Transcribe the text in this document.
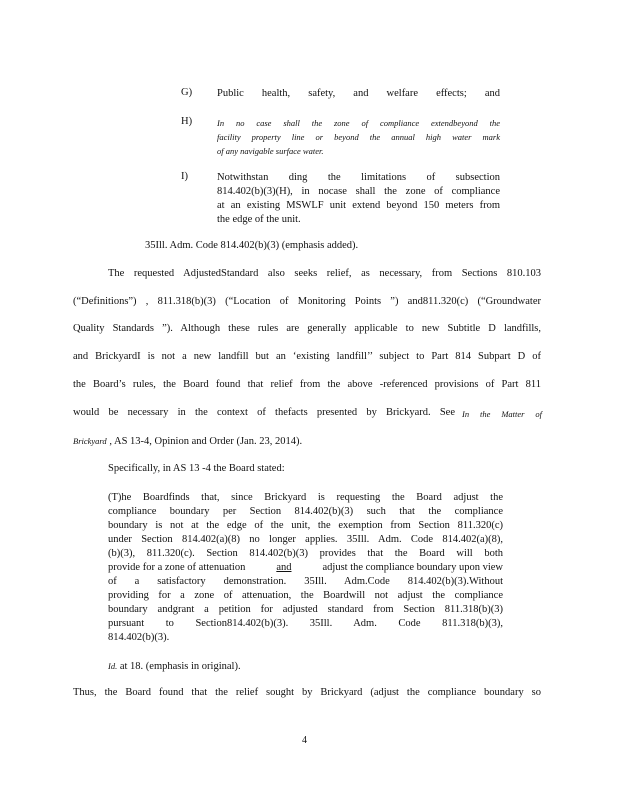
G) Public health, safety, and welfare effects; and
H)	In no case shall the zone of compliance extendbeyond the
facility property line or beyond the annual high water mark
of any navigable surface water.
I)	Notwithstan ding the limitations of subsection
814.402(b)(3)(H), in nocase shall the zone of compliance
at an existing MSWLF unit extend beyond 150 meters from
the edge of the unit.
35Ill. Adm. Code 814.402(b)(3) (emphasis added).
The requested AdjustedStandard also seeks relief, as necessary, from Sections 810.103
(“Definitions”) , 811.318(b)(3) (“Location of Monitoring Points ”) and811.320(c) (“Groundwater
Quality Standards ”). Although these rules are generally applicable to new Subtitle D landfills,
and BrickyardI is not a new landfill but an ‘existing landfill’’ subject to Part 814 Subpart D of
the Board’s rules, the Board found that relief from the above -referenced provisions of Part 811
would be necessary in the context of thefacts presented by Brickyard. See In the Matter of
Brickyard , AS 13-4, Opinion and Order (Jan. 23, 2014).
Specifically, in AS 13 -4 the Board stated:
(T)he Boardfinds that, since Brickyard is requesting the Board adjust the
compliance boundary per Section 814.402(b)(3) such that the compliance
boundary is not at the edge of the unit, the exemption from Section 811.320(c)
under Section 814.402(a)(8) no longer applies. 35Ill. Adm. Code 814.402(a)(8),
(b)(3), 811.320(c). Section 814.402(b)(3) provides that the Board will both
provide for a zone of attenuation	and	adjust the compliance boundary upon view
of a satisfactory demonstration. 35Ill. Adm.Code 814.402(b)(3).Without
providing for a zone of attenuation, the Boardwill not adjust the compliance
boundary andgrant a petition for adjusted standard from Section 811.318(b)(3)
pursuant to Section814.402(b)(3). 35Ill. Adm. Code 811.318(b)(3),
814.402(b)(3).
Id. at 18. (emphasis in original).
Thus, the Board found that the relief sought by Brickyard (adjust the compliance boundary so
4
